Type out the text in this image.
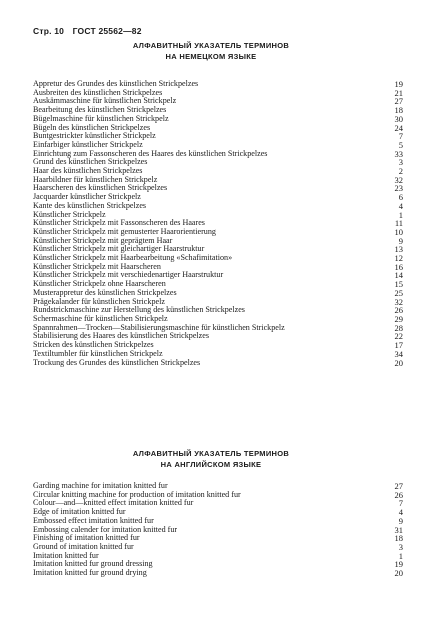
Стр. 10 ГОСТ 25562—82
АЛФАВИТНЫЙ УКАЗАТЕЛЬ ТЕРМИНОВ
НА НЕМЕЦКОМ ЯЗЫКЕ
Appretur des Grundes des künstlichen Strickpelzes	19
Ausbreiten des künstlichen Strickpelzes	21
Auskämmaschine für künstlichen Strickpelz	27
Bearbeitung des künstlichen Strickpelzes	18
Bügelmaschine für künstlichen Strickpelz	30
Bügeln des künstlichen Strickpelzes	24
Buntgestrickter künstlicher Strickpelz	7
Einfarbiger künstlicher Strickpelz	5
Einrichtung zum Fassonscheren des Haares des künstlichen Strickpelzes	33
Grund des künstlichen Strickpelzes	3
Haar des künstlichen Strickpelzes	2
Haarbildner für künstlichen Strickpelz	32
Haarscheren des künstlichen Strickpelzes	23
Jacquarder künstlicher Strickpelz	6
Kante des künstlichen Strickpelzes	4
Künstlicher Strickpelz	1
Künstlicher Strickpelz mit Fassonscheren des Haares	11
Künstlicher Strickpelz mit gemusterter Haarorientierung	10
Künstlicher Strickpelz mit geprägtem Haar	9
Künstlicher Strickpelz mit gleichartiger Haarstruktur	13
Künstlicher Strickpelz mit Haarbearbeitung «Schafimitation»	12
Künstlicher Strickpelz mit Haarscheren	16
Künstlicher Strickpelz mit verschiedenartiger Haarstruktur	14
Künstlicher Strickpelz ohne Haarscheren	15
Musterappretur des künstlichen Strickpelzes	25
Prägekalander für künstlichen Strickpelz	32
Rundstrickmaschine zur Herstellung des künstlichen Strickpelzes	26
Schermaschine für künstlichen Strickpelz	29
Spannrahmen—Trocken—Stabilisierungsmaschine für künstlichen Strickpelz	28
Stabilisierung des Haares des künstlichen Strickpelzes	22
Stricken des künstlichen Strickpelzes	17
Textiltumbler für künstlichen Strickpelz	34
Trockung des Grundes des künstlichen Strickpelzes	20
АЛФАВИТНЫЙ УКАЗАТЕЛЬ ТЕРМИНОВ
НА АНГЛИЙСКОМ ЯЗЫКЕ
Garding machine for imitation knitted fur	27
Circular knitting machine for production of imitation knitted fur	26
Colour—and—knitted effect imitation knitted fur	7
Edge of imitation knitted fur	4
Embossed effect imitation knitted fur	9
Embossing calender for imitation knitted fur	31
Finishing of imitation knitted fur	18
Ground of imitation knitted fur	3
Imitation knitted fur	1
Imitation knitted fur ground dressing	19
Imitation knitted fur ground drying	20
